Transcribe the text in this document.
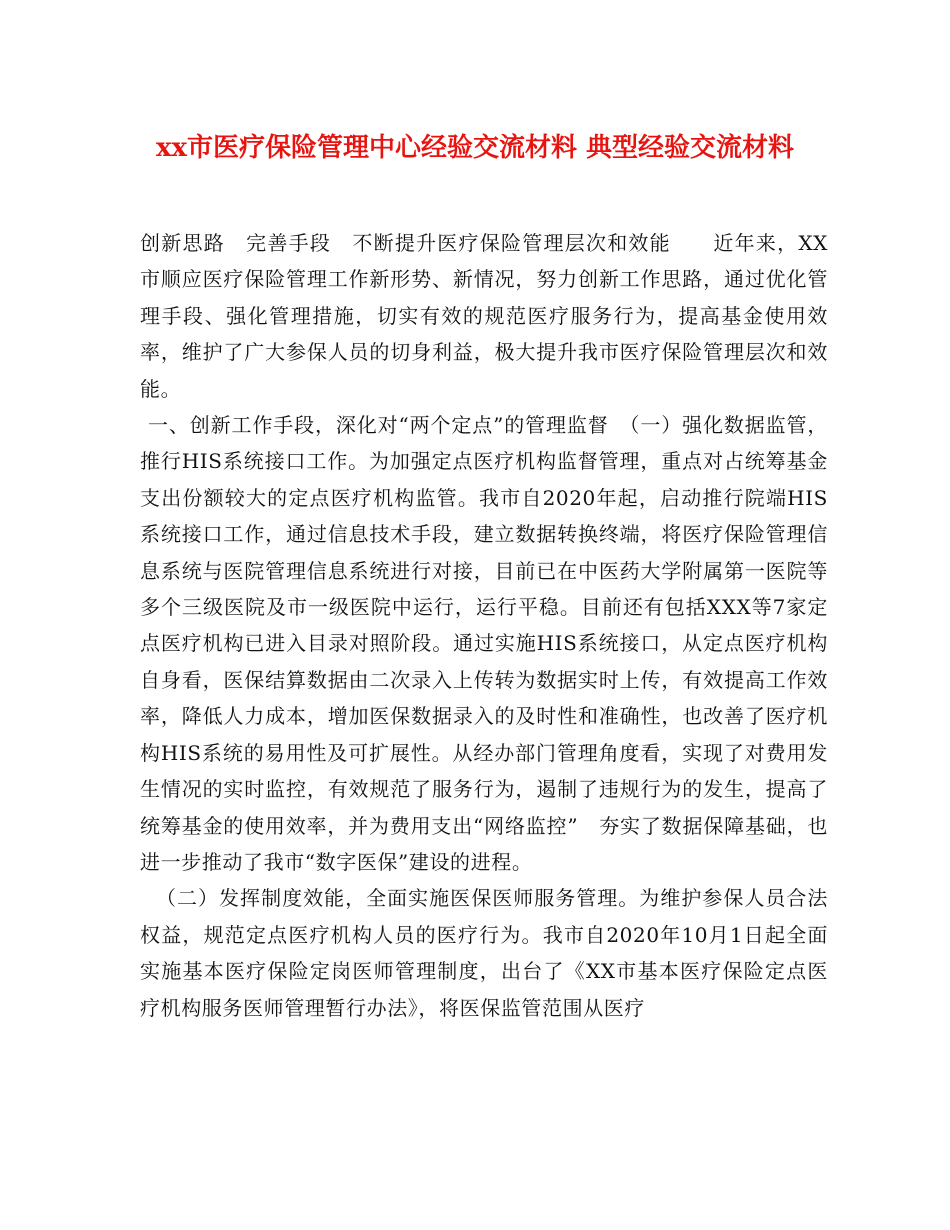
xx市医疗保险管理中心经验交流材料 典型经验交流材料

创新思路　完善手段　不断提升医疗保险管理层次和效能　　近年来，XX市顺应医疗保险管理工作新形势、新情况，努力创新工作思路，通过优化管理手段、强化管理措施，切实有效的规范医疗服务行为，提高基金使用效率，维护了广大参保人员的切身利益，极大提升我市医疗保险管理层次和效能。

一、创新工作手段，深化对“两个定点”的管理监督　（一）强化数据监管，推行HIS系统接口工作。为加强定点医疗机构监督管理，重点对占统筹基金支出份额较大的定点医疗机构监管。我市自2020年起，启动推行院端HIS系统接口工作，通过信息技术手段，建立数据转换终端，将医疗保险管理信息系统与医院管理信息系统进行对接，目前已在中医药大学附属第一医院等多个三级医院及市一级医院中运行，运行平稳。目前还有包括XXX等7家定点医疗机构已进入目录对照阶段。通过实施HIS系统接口，从定点医疗机构自身看，医保结算数据由二次录入上传转为数据实时上传，有效提高工作效率，降低人力成本，增加医保数据录入的及时性和准确性，也改善了医疗机构HIS系统的易用性及可扩展性。从经办部门管理角度看，实现了对费用发生情况的实时监控，有效规范了服务行为，遏制了违规行为的发生，提高了统筹基金的使用效率，并为费用支出“网络监控”　夯实了数据保障基础，也进一步推动了我市“数字医保”建设的进程。

（二）发挥制度效能，全面实施医保医师服务管理。为维护参保人员合法权益，规范定点医疗机构人员的医疗行为。我市自2020年10月1日起全面实施基本医疗保险定岗医师管理制度，出台了《XX市基本医疗保险定点医疗机构服务医师管理暂行办法》，将医保监管范围从医疗
